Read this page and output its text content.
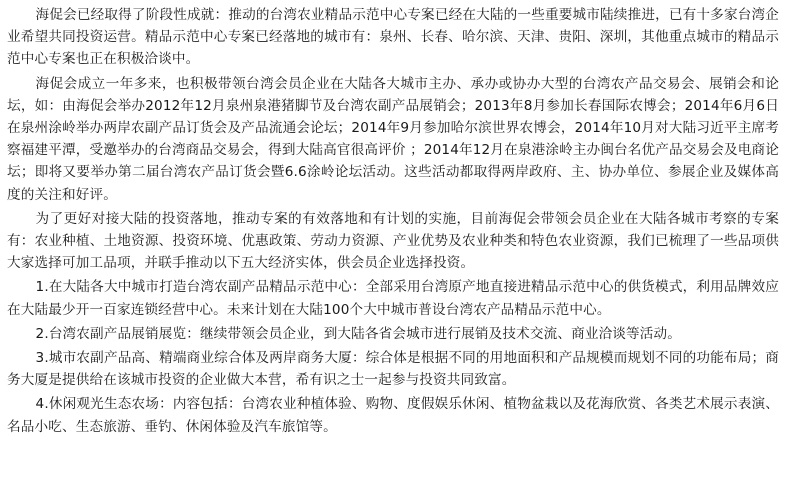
海促会已经取得了阶段性成就：推动的台湾农业精品示范中心专案已经在大陆的一些重要城市陆续推进，已有十多家台湾企业希望共同投资运营。精品示范中心专案已经落地的城市有：泉州、长春、哈尔滨、天津、贵阳、深圳，其他重点城市的精品示范中心专案也正在积极洽谈中。

海促会成立一年多来，也积极带领台湾会员企业在大陆各大城市主办、承办或协办大型的台湾农产品交易会、展销会和论坛，如：由海促会举办2012年12月泉州泉港猪脚节及台湾农副产品展销会；2013年8月参加长春国际农博会；2014年6月6日在泉州涂岭举办两岸农副产品订货会及产品流通会论坛；2014年9月参加哈尔滨世界农博会，2014年10月对大陆习近平主席考察福建平潭，受邀举办的台湾商品交易会，得到大陆高官很高评价 ；2014年12月在泉港涂岭主办闽台名优产品交易会及电商论坛；即将又要举办第二届台湾农产品订货会暨6.6涂岭论坛活动。这些活动都取得两岸政府、主、协办单位、参展企业及媒体高度的关注和好评。

为了更好对接大陆的投资落地，推动专案的有效落地和有计划的实施，目前海促会带领会员企业在大陆各城市考察的专案有：农业种植、土地资源、投资环境、优惠政策、劳动力资源、产业优势及农业种类和特色农业资源，我们已梳理了一些品项供大家选择可加工品项，并联手推动以下五大经济实体，供会员企业选择投资。

1.在大陆各大中城市打造台湾农副产品精品示范中心：全部采用台湾原产地直接进精品示范中心的供货模式，利用品牌效应在大陆最少开一百家连锁经营中心。未来计划在大陆100个大中城市普设台湾农产品精品示范中心。

2.台湾农副产品展销展览：继续带领会员企业，到大陆各省会城市进行展销及技术交流、商业洽谈等活动。

3.城市农副产品高、精端商业综合体及两岸商务大厦：综合体是根据不同的用地面积和产品规模而规划不同的功能布局；商务大厦是提供给在该城市投资的企业做大本营，希有识之士一起参与投资共同致富。

4.休闲观光生态农场：内容包括：台湾农业种植体验、购物、度假娱乐休闲、植物盆栽以及花海欣赏、各类艺术展示表演、名品小吃、生态旅游、垂钓、休闲体验及汽车旅馆等。
